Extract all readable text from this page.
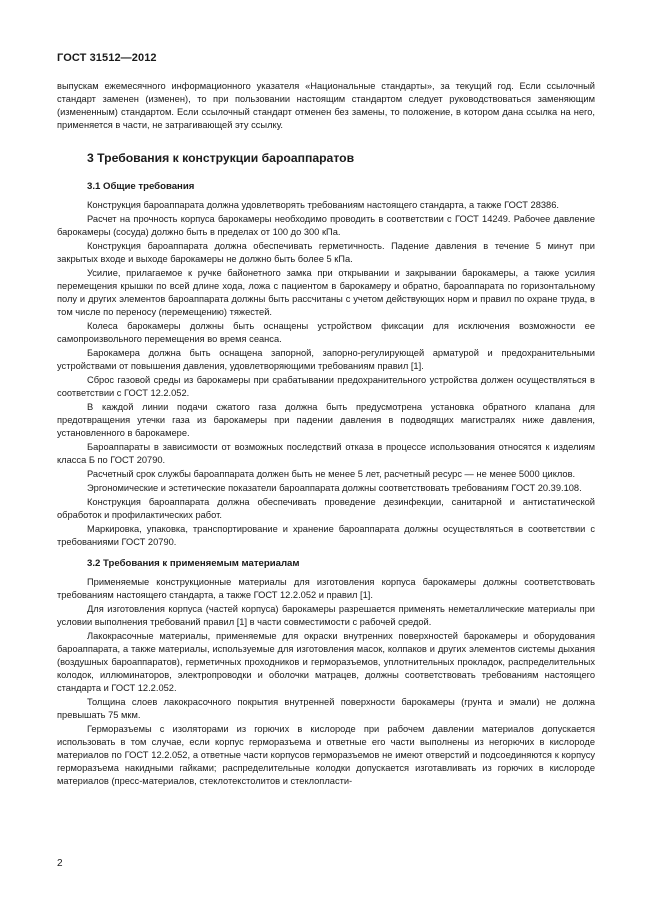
ГОСТ 31512—2012

выпускам ежемесячного информационного указателя «Национальные стандарты», за текущий год. Если ссылочный стандарт заменен (изменен), то при пользовании настоящим стандартом следует руководствоваться заменяющим (измененным) стандартом. Если ссылочный стандарт отменен без замены, то положение, в котором дана ссылка на него, применяется в части, не затрагивающей эту ссылку.

3 Требования к конструкции бароаппаратов
3.1 Общие требования

Конструкция бароаппарата должна удовлетворять требованиям настоящего стандарта, а также ГОСТ 28386.

Расчет на прочность корпуса барокамеры необходимо проводить в соответствии с ГОСТ 14249. Рабочее давление барокамеры (сосуда) должно быть в пределах от 100 до 300 кПа.

Конструкция бароаппарата должна обеспечивать герметичность. Падение давления в течение 5 минут при закрытых входе и выходе барокамеры не должно быть более 5 кПа.

Усилие, прилагаемое к ручке байонетного замка при открывании и закрывании барокамеры, а также усилия перемещения крышки по всей длине хода, ложа с пациентом в барокамеру и обратно, бароаппарата по горизонтальному полу и других элементов бароаппарата должны быть рассчитаны с учетом действующих норм и правил по охране труда, в том числе по переносу (перемещению) тяжестей.

Колеса барокамеры должны быть оснащены устройством фиксации для исключения возможности ее самопроизвольного перемещения во время сеанса.

Барокамера должна быть оснащена запорной, запорно-регулирующей арматурой и предохранительными устройствами от повышения давления, удовлетворяющими требованиям правил [1].

Сброс газовой среды из барокамеры при срабатывании предохранительного устройства должен осуществляться в соответствии с ГОСТ 12.2.052.

В каждой линии подачи сжатого газа должна быть предусмотрена установка обратного клапана для предотвращения утечки газа из барокамеры при падении давления в подводящих магистралях ниже давления, установленного в барокамере.

Бароаппараты в зависимости от возможных последствий отказа в процессе использования относятся к изделиям класса Б по ГОСТ 20790.

Расчетный срок службы бароаппарата должен быть не менее 5 лет, расчетный ресурс — не менее 5000 циклов.

Эргономические и эстетические показатели бароаппарата должны соответствовать требованиям ГОСТ 20.39.108.

Конструкция бароаппарата должна обеспечивать проведение дезинфекции, санитарной и антистатической обработок и профилактических работ.

Маркировка, упаковка, транспортирование и хранение бароаппарата должны осуществляться в соответствии с требованиями ГОСТ 20790.

3.2 Требования к применяемым материалам

Применяемые конструкционные материалы для изготовления корпуса барокамеры должны соответствовать требованиям настоящего стандарта, а также ГОСТ 12.2.052 и правил [1].

Для изготовления корпуса (частей корпуса) барокамеры разрешается применять неметаллические материалы при условии выполнения требований правил [1] в части совместимости с рабочей средой.

Лакокрасочные материалы, применяемые для окраски внутренних поверхностей барокамеры и оборудования бароаппарата, а также материалы, используемые для изготовления масок, колпаков и других элементов системы дыхания (воздушных бароаппаратов), герметичных проходников и герморазъемов, уплотнительных прокладок, распределительных колодок, иллюминаторов, электропроводки и оболочки матрацев, должны соответствовать требованиям настоящего стандарта и ГОСТ 12.2.052.

Толщина слоев лакокрасочного покрытия внутренней поверхности барокамеры (грунта и эмали) не должна превышать 75 мкм.

Герморазъемы с изоляторами из горючих в кислороде при рабочем давлении материалов допускается использовать в том случае, если корпус герморазъема и ответные его части выполнены из негорючих в кислороде материалов по ГОСТ 12.2.052, а ответные части корпусов герморазъемов не имеют отверстий и подсоединяются к корпусу герморазъема накидными гайками; распределительные колодки допускается изготавливать из горючих в кислороде материалов (пресс-материалов, стеклотекстолитов и стеклопласти-

2
